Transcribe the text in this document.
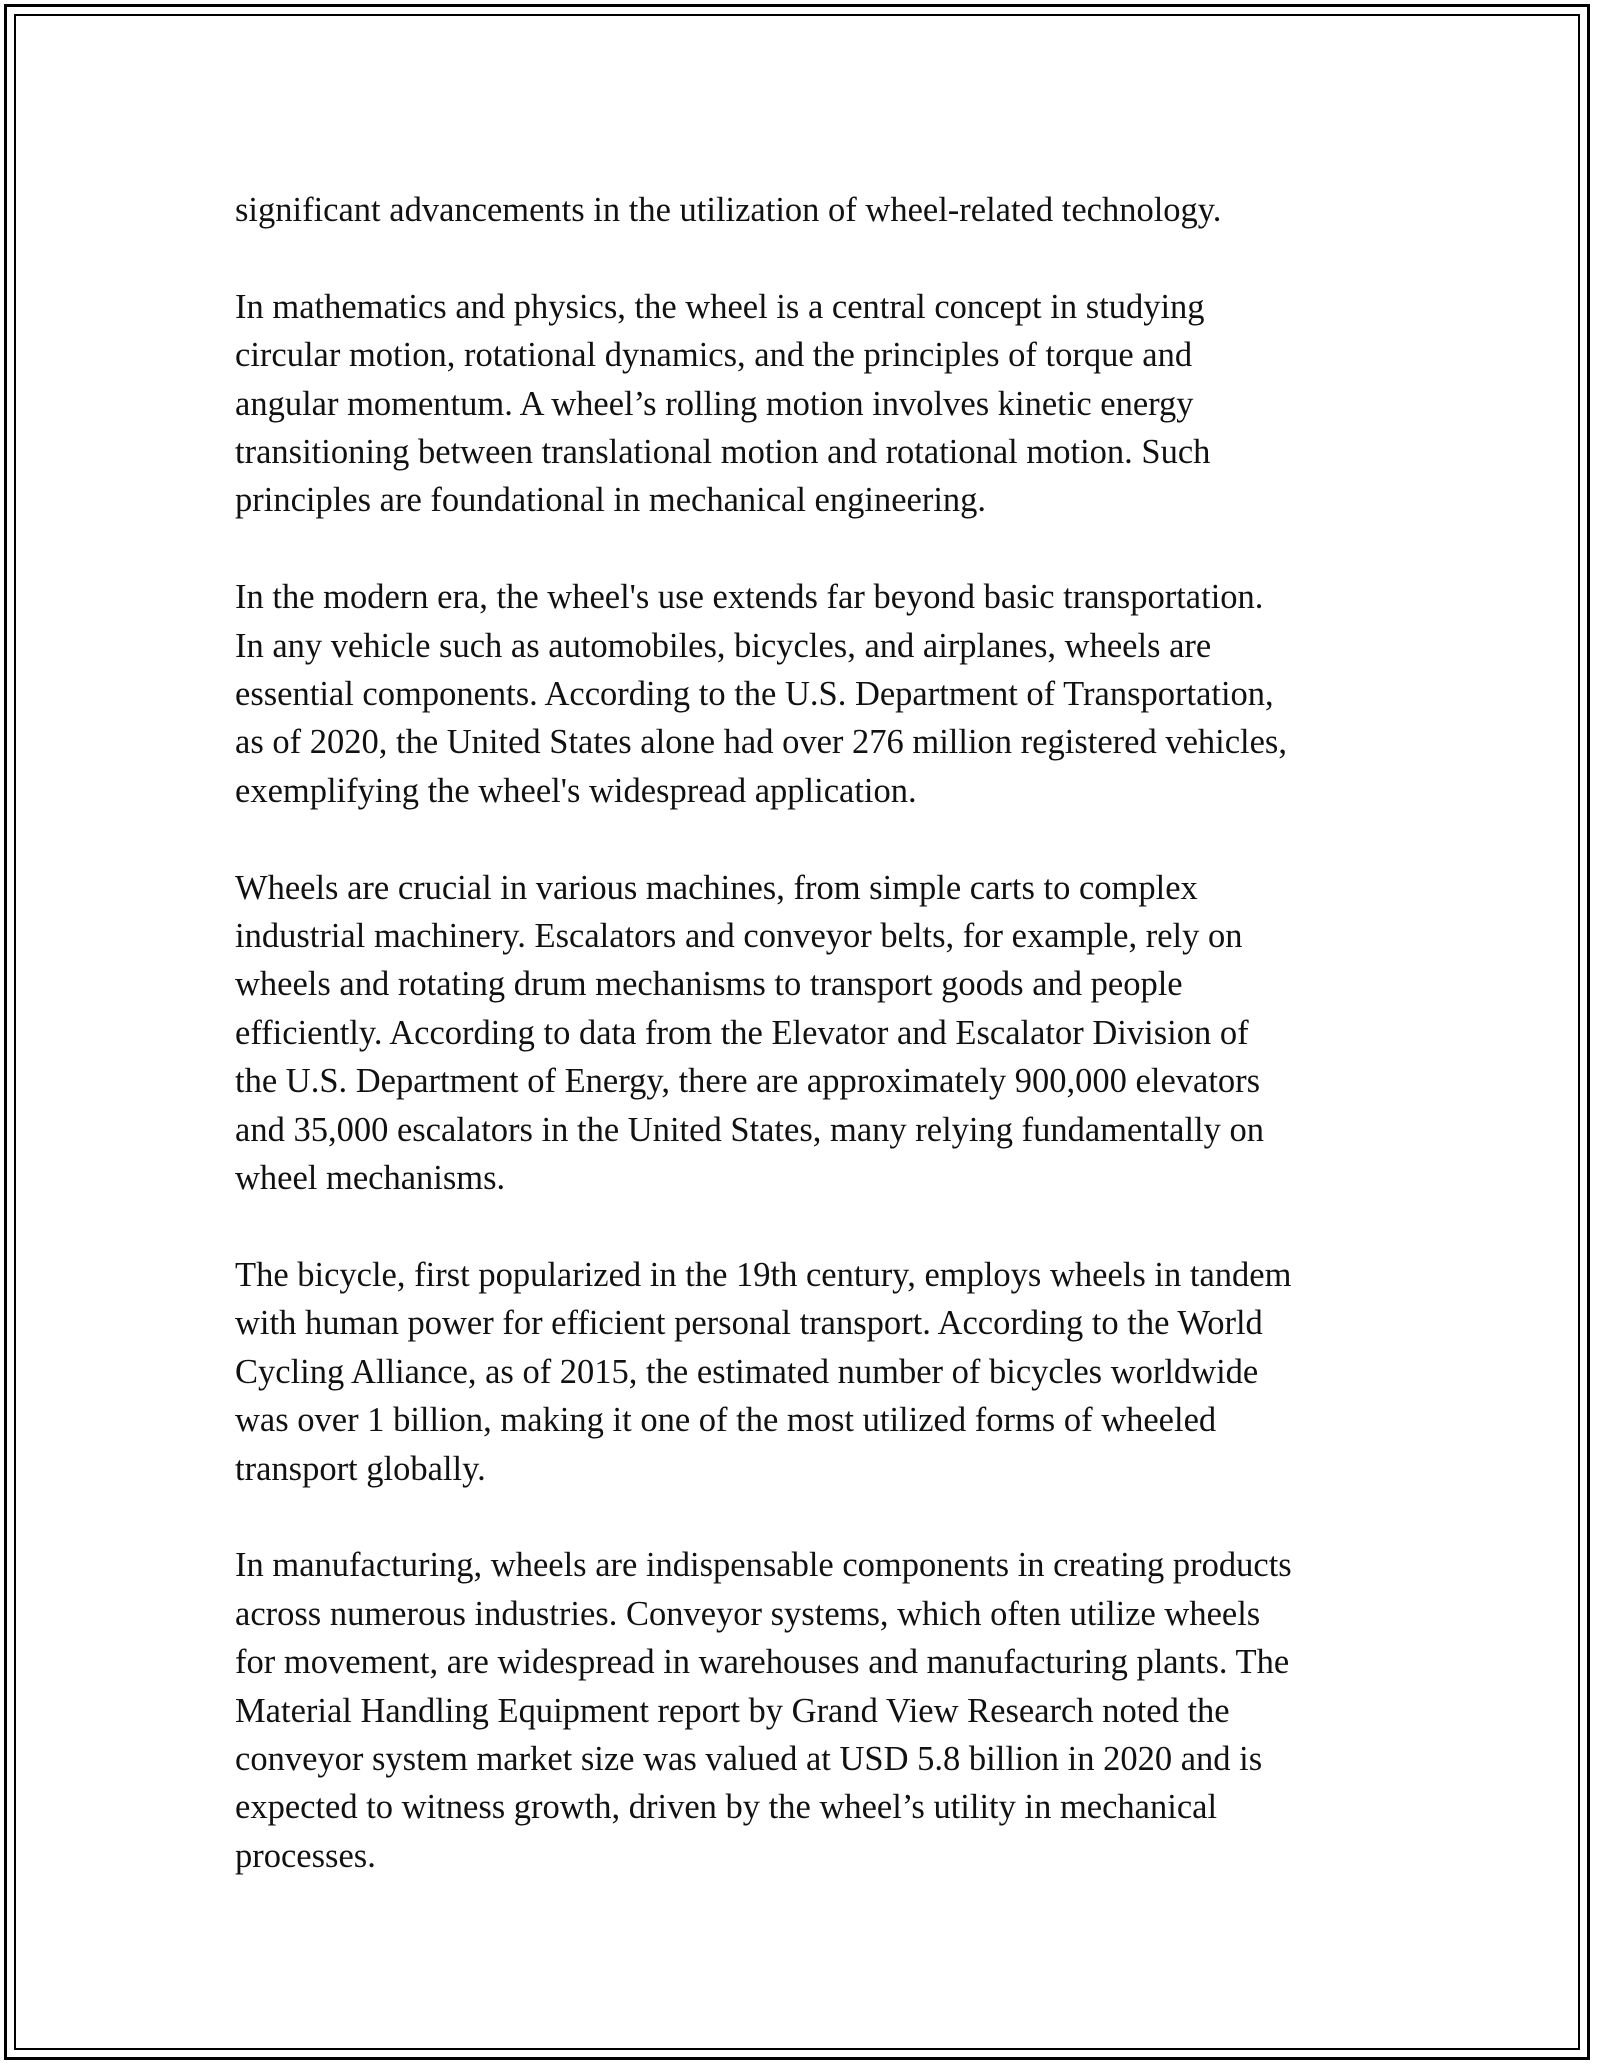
significant advancements in the utilization of wheel-related technology.

In mathematics and physics, the wheel is a central concept in studying
circular motion, rotational dynamics, and the principles of torque and
angular momentum. A wheel’s rolling motion involves kinetic energy
transitioning between translational motion and rotational motion. Such
principles are foundational in mechanical engineering.

In the modern era, the wheel's use extends far beyond basic transportation.
In any vehicle such as automobiles, bicycles, and airplanes, wheels are
essential components. According to the U.S. Department of Transportation,
as of 2020, the United States alone had over 276 million registered vehicles,
exemplifying the wheel's widespread application.

Wheels are crucial in various machines, from simple carts to complex
industrial machinery. Escalators and conveyor belts, for example, rely on
wheels and rotating drum mechanisms to transport goods and people
efficiently. According to data from the Elevator and Escalator Division of
the U.S. Department of Energy, there are approximately 900,000 elevators
and 35,000 escalators in the United States, many relying fundamentally on
wheel mechanisms.

The bicycle, first popularized in the 19th century, employs wheels in tandem
with human power for efficient personal transport. According to the World
Cycling Alliance, as of 2015, the estimated number of bicycles worldwide
was over 1 billion, making it one of the most utilized forms of wheeled
transport globally.

In manufacturing, wheels are indispensable components in creating products
across numerous industries. Conveyor systems, which often utilize wheels
for movement, are widespread in warehouses and manufacturing plants. The
Material Handling Equipment report by Grand View Research noted the
conveyor system market size was valued at USD 5.8 billion in 2020 and is
expected to witness growth, driven by the wheel’s utility in mechanical
processes.
